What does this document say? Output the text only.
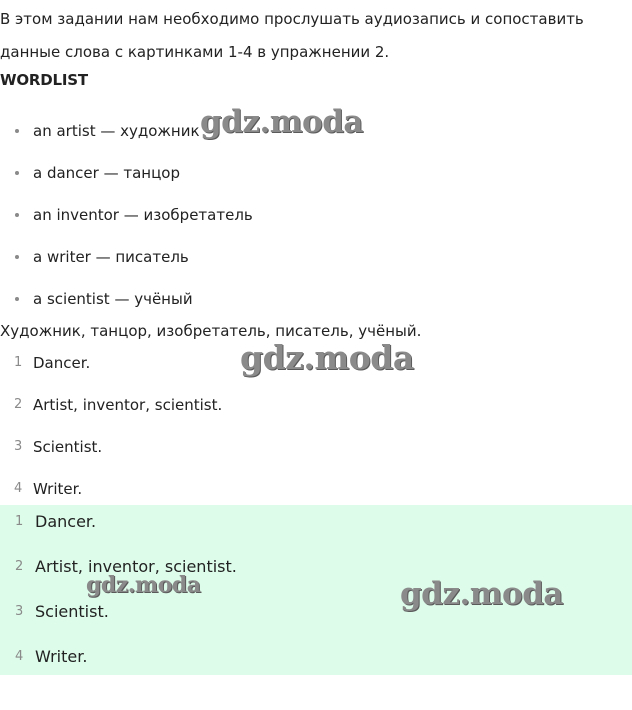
В этом задании нам необходимо прослушать аудиозапись и сопоставить данные слова с картинками 1-4 в упражнении 2.

WORDLIST

an artist — художник
a dancer — танцор
an inventor — изобретатель
a writer — писатель
a scientist — учёный

Художник, танцор, изобретатель, писатель, учёный.

1 Dancer.
2 Artist, inventor, scientist.
3 Scientist.
4 Writer.
1 Dancer.
2 Artist, inventor, scientist.
3 Scientist.
4 Writer.
gdz.moda
gdz.moda
gdz.moda	gdz.moda
